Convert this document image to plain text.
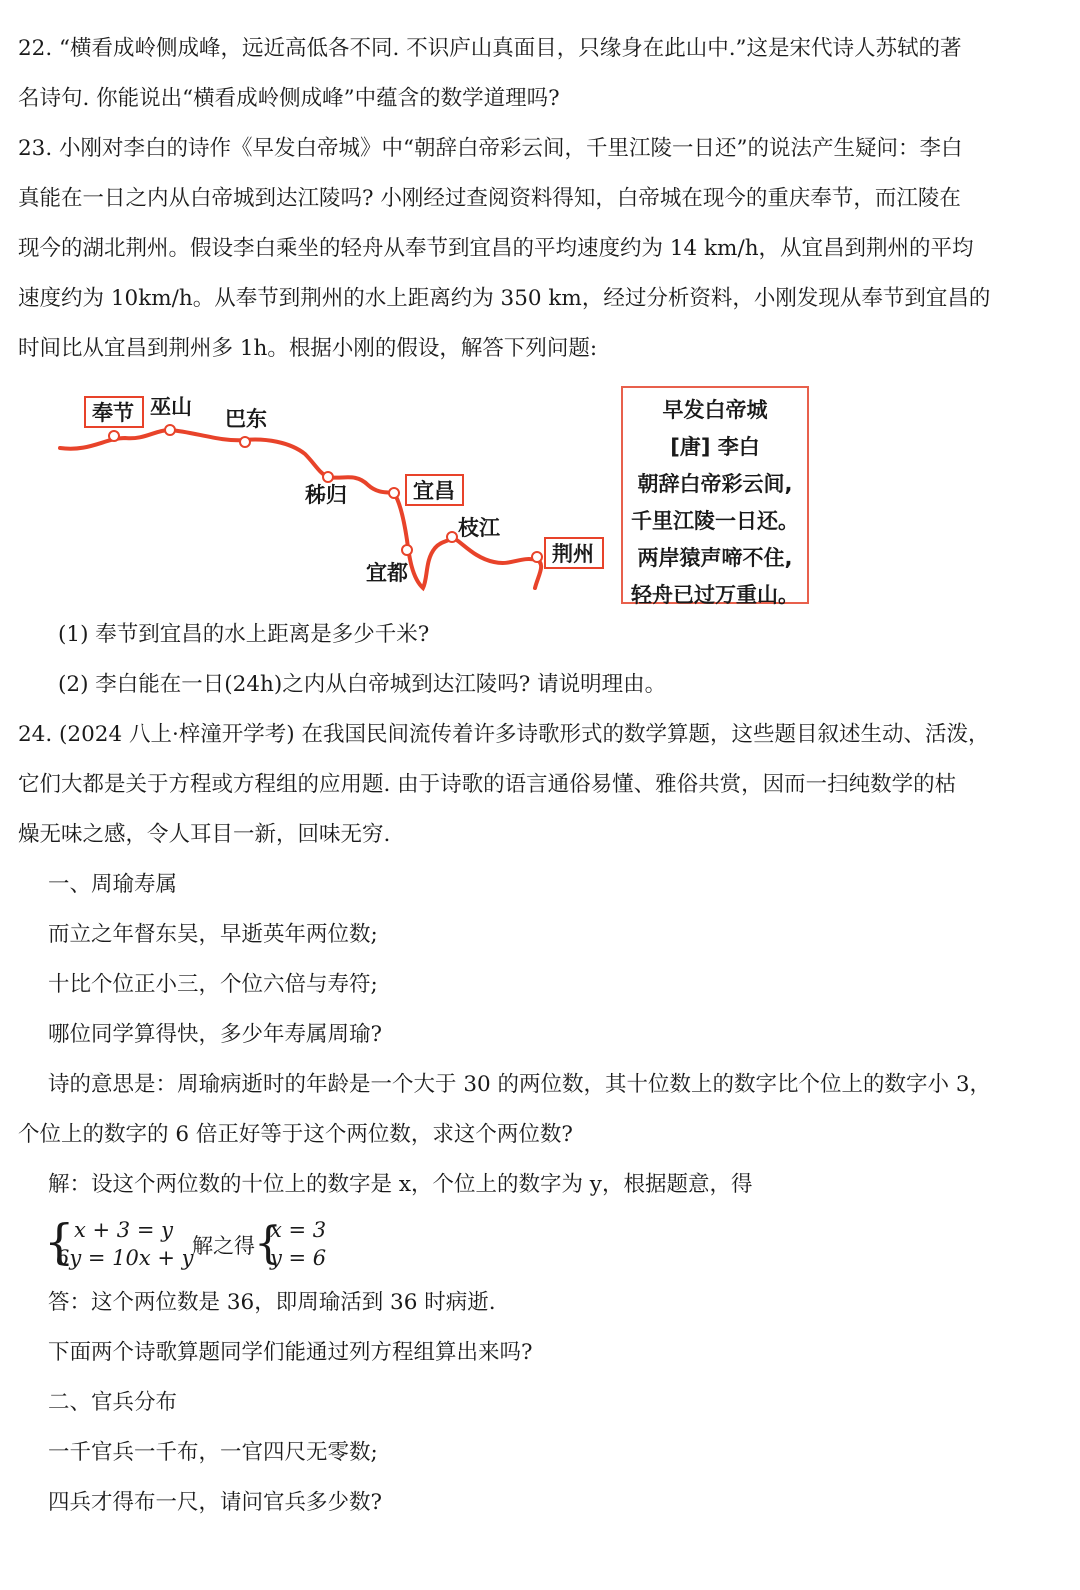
22. “横看成岭侧成峰，远近高低各不同. 不识庐山真面目，只缘身在此山中.”这是宋代诗人苏轼的著
名诗句. 你能说出“横看成岭侧成峰”中蕴含的数学道理吗?
23. 小刚对李白的诗作《早发白帝城》中“朝辞白帝彩云间，千里江陵一日还”的说法产生疑问：李白
真能在一日之内从白帝城到达江陵吗? 小刚经过查阅资料得知，白帝城在现今的重庆奉节，而江陵在
现今的湖北荆州。假设李白乘坐的轻舟从奉节到宜昌的平均速度约为 14 km/h，从宜昌到荆州的平均
速度约为 10km/h。从奉节到荆州的水上距离约为 350 km，经过分析资料，小刚发现从奉节到宜昌的
时间比从宜昌到荆州多 1h。根据小刚的假设，解答下列问题:
奉节 巫山 巴东
秭归	宜昌
枝江
宜都
荆州
早发白帝城
[唐] 李白
朝辞白帝彩云间,
千里江陵一日还。
两岸猿声啼不住,
轻舟已过万重山。
(1) 奉节到宜昌的水上距离是多少千米?
(2) 李白能在一日(24h)之内从白帝城到达江陵吗? 请说明理由。
24. (2024 八上·梓潼开学考) 在我国民间流传着许多诗歌形式的数学算题，这些题目叙述生动、活泼，
它们大都是关于方程或方程组的应用题. 由于诗歌的语言通俗易懂、雅俗共赏，因而一扫纯数学的枯
燥无味之感，令人耳目一新，回味无穷.
一、周瑜寿属
而立之年督东吴，早逝英年两位数;
十比个位正小三，个位六倍与寿符;
哪位同学算得快，多少年寿属周瑜?
诗的意思是：周瑜病逝时的年龄是一个大于 30 的两位数，其十位数上的数字比个位上的数字小 3，
个位上的数字的 6 倍正好等于这个两位数，求这个两位数?
解：设这个两位数的十位上的数字是 x，个位上的数字为 y，根据题意，得
{ x + 3 = y
6y = 10x + y
解之得 {
x = 3
y = 6
答：这个两位数是 36，即周瑜活到 36 时病逝.
下面两个诗歌算题同学们能通过列方程组算出来吗?
二、官兵分布
一千官兵一千布，一官四尺无零数;
四兵才得布一尺，请问官兵多少数?
